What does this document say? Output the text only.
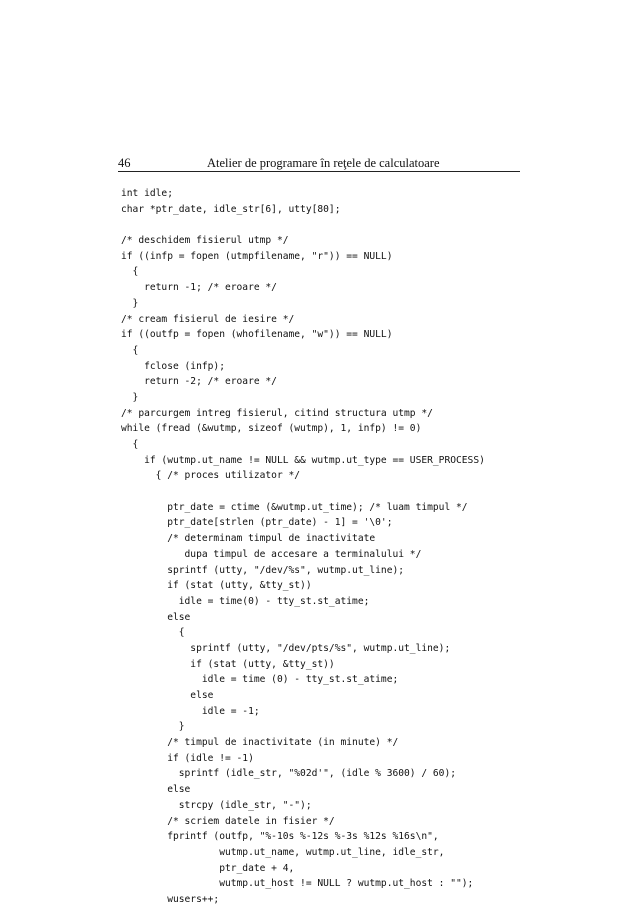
46	Atelier de programare în reţele de calculatoare
int idle;
char *ptr_date, idle_str[6], utty[80];
/* deschidem fisierul utmp */
if ((infp = fopen (utmpfilename, "r")) == NULL)
{
return -1; /* eroare */
}
/* cream fisierul de iesire */
if ((outfp = fopen (whofilename, "w")) == NULL)
{
fclose (infp);
return -2; /* eroare */
}
/* parcurgem intreg fisierul, citind structura utmp */
while (fread (&wutmp, sizeof (wutmp), 1, infp) != 0)
{
if (wutmp.ut_name != NULL && wutmp.ut_type == USER_PROCESS)
{ /* proces utilizator */
ptr_date = ctime (&wutmp.ut_time); /* luam timpul */
ptr_date[strlen (ptr_date) - 1] = '\0';
/* determinam timpul de inactivitate
dupa timpul de accesare a terminalului */
sprintf (utty, "/dev/%s", wutmp.ut_line);
if (stat (utty, &tty_st))
idle = time(0) - tty_st.st_atime;
else
{
sprintf (utty, "/dev/pts/%s", wutmp.ut_line);
if (stat (utty, &tty_st))
idle = time (0) - tty_st.st_atime;
else
idle = -1;
}
/* timpul de inactivitate (in minute) */
if (idle != -1)
sprintf (idle_str, "%02d'", (idle % 3600) / 60);
else
strcpy (idle_str, "-");
/* scriem datele in fisier */
fprintf (outfp, "%-10s %-12s %-3s %12s %16s\n",
wutmp.ut_name, wutmp.ut_line, idle_str,
ptr_date + 4,
wutmp.ut_host != NULL ? wutmp.ut_host : "");
wusers++;
